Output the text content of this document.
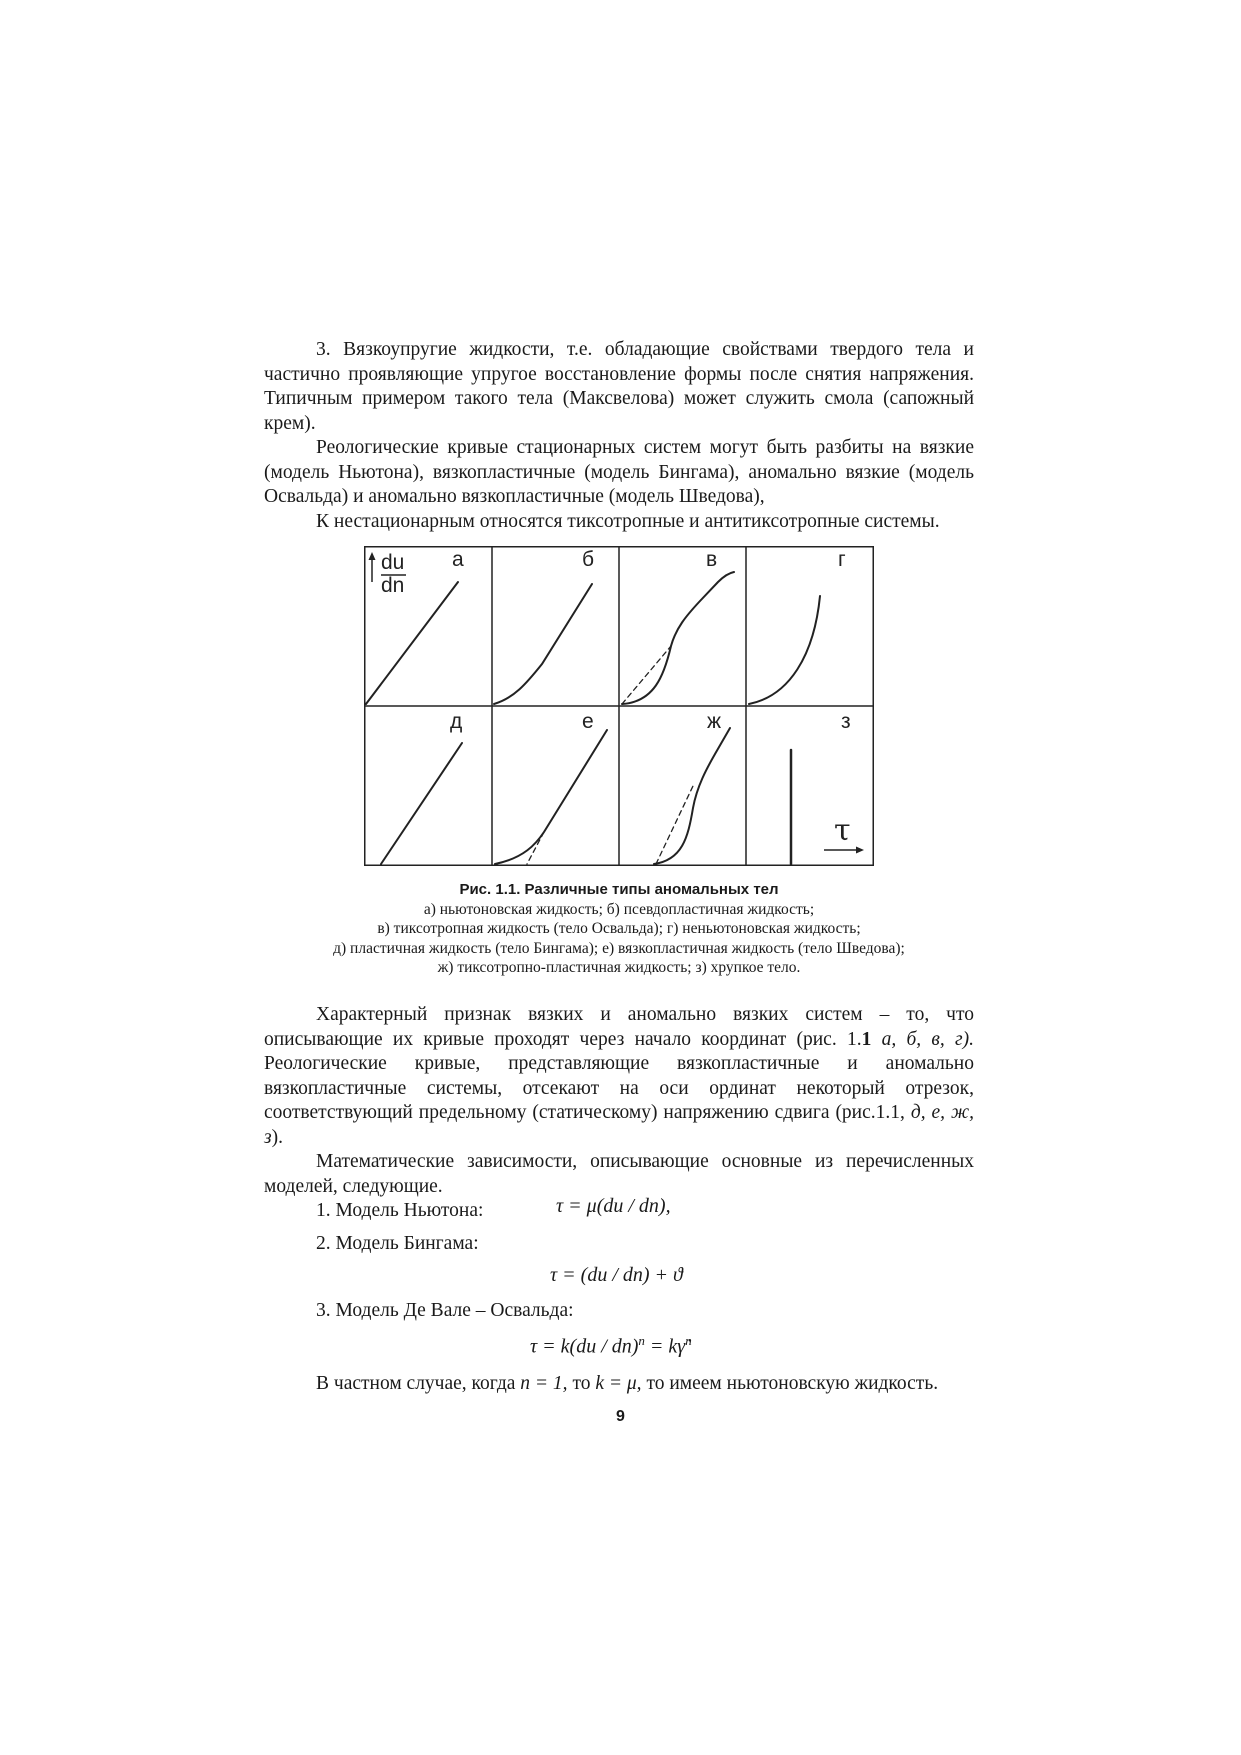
3. Вязкоупругие жидкости, т.е. обладающие свойствами твердого тела и частично проявляющие упругое восстановление формы после снятия напряжения. Типичным примером такого тела (Максвелова) может служить смола (сапожный крем).

Реологические кривые стационарных систем могут быть разбиты на вязкие (модель Ньютона), вязкопластичные (модель Бингама), аномально вязкие (модель Освальда) и аномально вязкопластичные (модель Шведова),

К нестационарным относятся тиксотропные и антитиксотропные системы.

du
dn
а	б	в	г
д	е	ж	з
τ

Рис. 1.1. Различные типы аномальных тел

а) ньютоновская жидкость; б) псевдопластичная жидкость;

в) тиксотропная жидкость (тело Освальда); г) неньютоновская жидкость;

д) пластичная жидкость (тело Бингама); е) вязкопластичная жидкость (тело Шведова);

ж) тиксотропно-пластичная жидкость; з) хрупкое тело.

Характерный признак вязких и аномально вязких систем – то, что описывающие их кривые проходят через начало координат (рис. 1.1 а, б, в, г). Реологические кривые, представляющие вязкопластичные и аномально вязкопластичные системы, отсекают на оси ординат некоторый отрезок, соответствующий предельному (статическому) напряжению сдвига (рис.1.1, д, е, ж, з).

Математические зависимости, описывающие основные из перечисленных моделей, следующие.

1. Модель Ньютона:	τ = μ(du / dn),

2. Модель Бингама:

τ = (du / dn) + ϑ

3. Модель Де Вале – Освальда:

τ = k(du / dn)$^n$ = kγ̇$^n$

В частном случае, когда n = 1, то k = μ, то имеем ньютоновскую жидкость.

9
